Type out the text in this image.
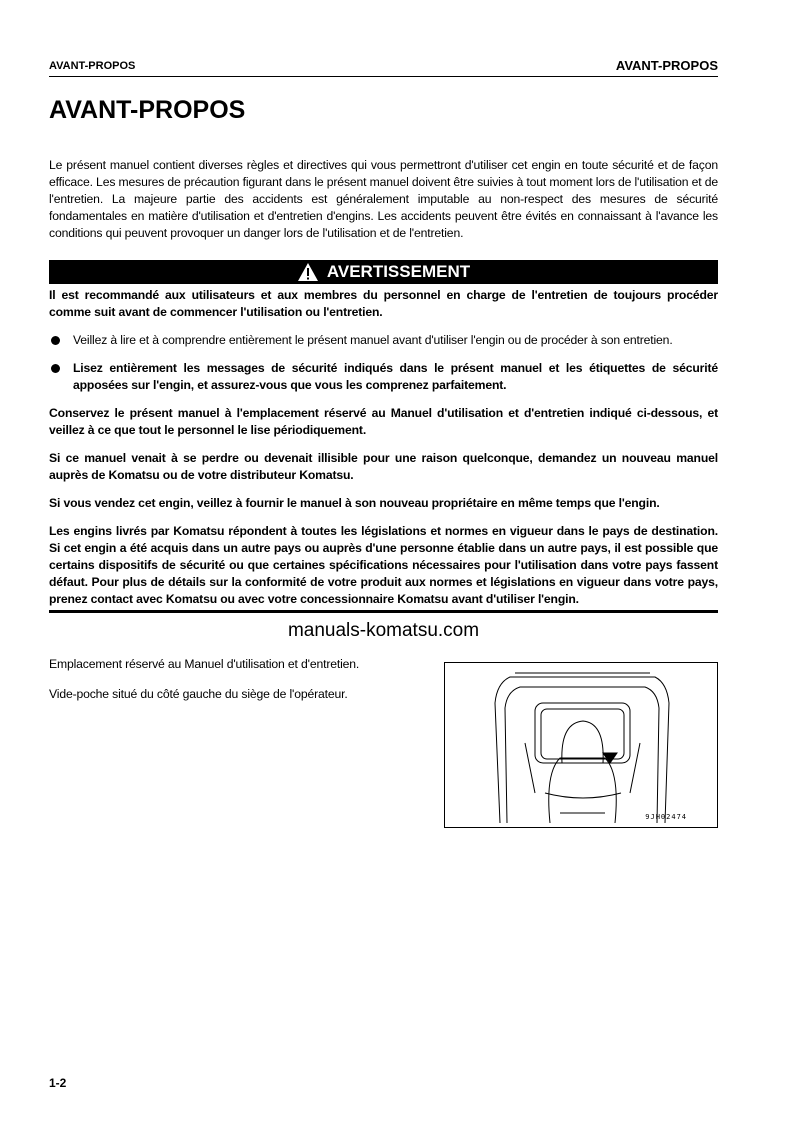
AVANT-PROPOS	AVANT-PROPOS
AVANT-PROPOS

Le présent manuel contient diverses règles et directives qui vous permettront d'utiliser cet engin en toute sécurité et de façon efficace. Les mesures de précaution figurant dans le présent manuel doivent être suivies à tout moment lors de l'utilisation et de l'entretien. La majeure partie des accidents est généralement imputable au non-respect des mesures de sécurité fondamentales en matière d'utilisation et d'entretien d'engins. Les accidents peuvent être évités en connaissant à l'avance les conditions qui peuvent provoquer un danger lors de l'utilisation et de l'entretien.

AVERTISSEMENT

Il est recommandé aux utilisateurs et aux membres du personnel en charge de l'entretien de toujours procéder comme suit avant de commencer l'utilisation ou l'entretien.

Veillez à lire et à comprendre entièrement le présent manuel avant d'utiliser l'engin ou de procéder à son entretien.
Lisez entièrement les messages de sécurité indiqués dans le présent manuel et les étiquettes de sécurité apposées sur l'engin, et assurez-vous que vous les comprenez parfaitement.

Conservez le présent manuel à l'emplacement réservé au Manuel d'utilisation et d'entretien indiqué ci-dessous, et veillez à ce que tout le personnel le lise périodiquement.

Si ce manuel venait à se perdre ou devenait illisible pour une raison quelconque, demandez un nouveau manuel auprès de Komatsu ou de votre distributeur Komatsu.

Si vous vendez cet engin, veillez à fournir le manuel à son nouveau propriétaire en même temps que l'engin.

Les engins livrés par Komatsu répondent à toutes les législations et normes en vigueur dans le pays de destination. Si cet engin a été acquis dans un autre pays ou auprès d'une personne établie dans un autre pays, il est possible que certains dispositifs de sécurité ou que certaines spécifications nécessaires pour l'utilisation dans votre pays fassent défaut. Pour plus de détails sur la conformité de votre produit aux normes et législations en vigueur dans votre pays, prenez contact avec Komatsu ou avec votre concessionnaire Komatsu avant d'utiliser l'engin.

manuals-komatsu.com
Emplacement réservé au Manuel d'utilisation et d'entretien.
Vide-poche situé du côté gauche du siège de l'opérateur.
9JH02474
1-2
